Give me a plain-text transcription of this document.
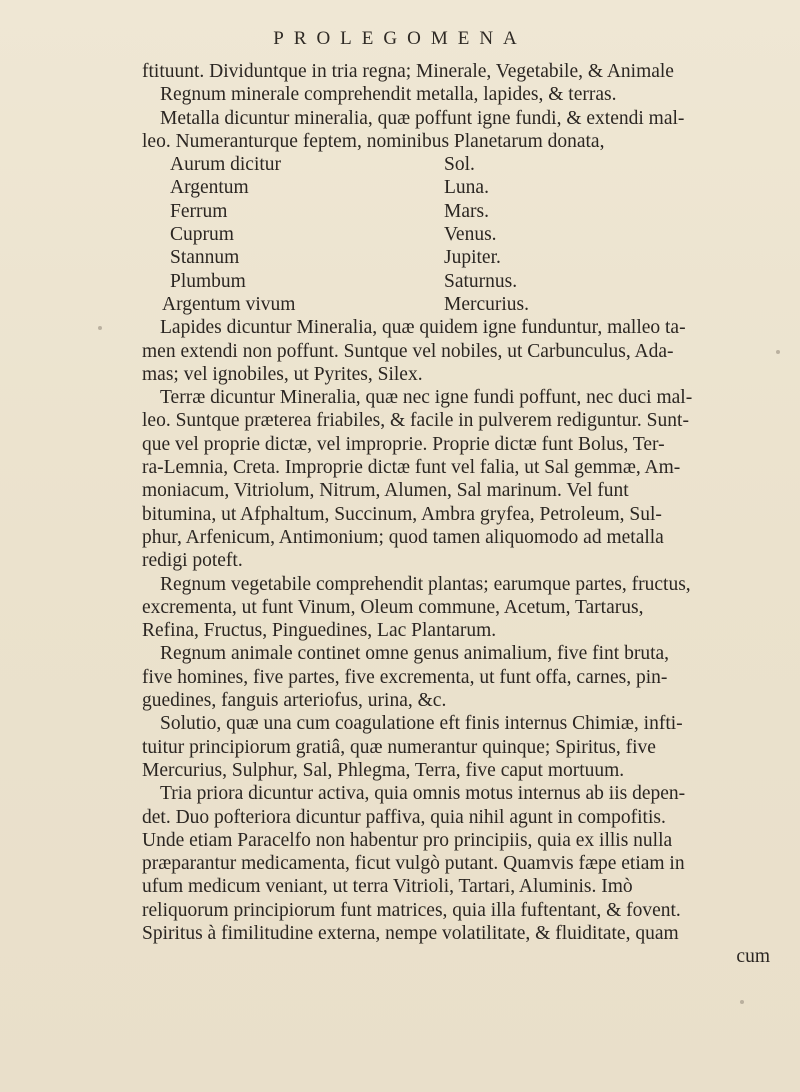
PROLEGOMENA
ftituunt. Dividuntque in tria regna; Minerale, Vegetabile, & Animale
Regnum minerale comprehendit metalla, lapides, & terras.
Metalla dicuntur mineralia, quæ poffunt igne fundi, & extendi mal-
leo. Numeranturque feptem, nominibus Planetarum donata,
Aurum dicitur	Sol.
Argentum	Luna.
Ferrum	Mars.
Cuprum	Venus.
Stannum	Jupiter.
Plumbum	Saturnus.
Argentum vivum	Mercurius.
Lapides dicuntur Mineralia, quæ quidem igne funduntur, malleo ta-
men extendi non poffunt. Suntque vel nobiles, ut Carbunculus, Ada-
mas; vel ignobiles, ut Pyrites, Silex.
Terræ dicuntur Mineralia, quæ nec igne fundi poffunt, nec duci mal-
leo. Suntque præterea friabiles, & facile in pulverem rediguntur. Sunt-
que vel proprie dictæ, vel improprie. Proprie dictæ funt Bolus, Ter-
ra-Lemnia, Creta. Improprie dictæ funt vel falia, ut Sal gemmæ, Am-
moniacum, Vitriolum, Nitrum, Alumen, Sal marinum. Vel funt
bitumina, ut Afphaltum, Succinum, Ambra gryfea, Petroleum, Sul-
phur, Arfenicum, Antimonium; quod tamen aliquomodo ad metalla
redigi poteft.
Regnum vegetabile comprehendit plantas; earumque partes, fructus,
excrementa, ut funt Vinum, Oleum commune, Acetum, Tartarus,
Refina, Fructus, Pinguedines, Lac Plantarum.
Regnum animale continet omne genus animalium, five fint bruta,
five homines, five partes, five excrementa, ut funt offa, carnes, pin-
guedines, fanguis arteriofus, urina, &c.
Solutio, quæ una cum coagulatione eft finis internus Chimiæ, infti-
tuitur principiorum gratiâ, quæ numerantur quinque; Spiritus, five
Mercurius, Sulphur, Sal, Phlegma, Terra, five caput mortuum.
Tria priora dicuntur activa, quia omnis motus internus ab iis depen-
det. Duo pofteriora dicuntur paffiva, quia nihil agunt in compofitis.
Unde etiam Paracelfo non habentur pro principiis, quia ex illis nulla
præparantur medicamenta, ficut vulgò putant. Quamvis fæpe etiam in
ufum medicum veniant, ut terra Vitrioli, Tartari, Aluminis. Imò
reliquorum principiorum funt matrices, quia illa fuftentant, & fovent.
Spiritus à fimilitudine externa, nempe volatilitate, & fluiditate, quam
cum
